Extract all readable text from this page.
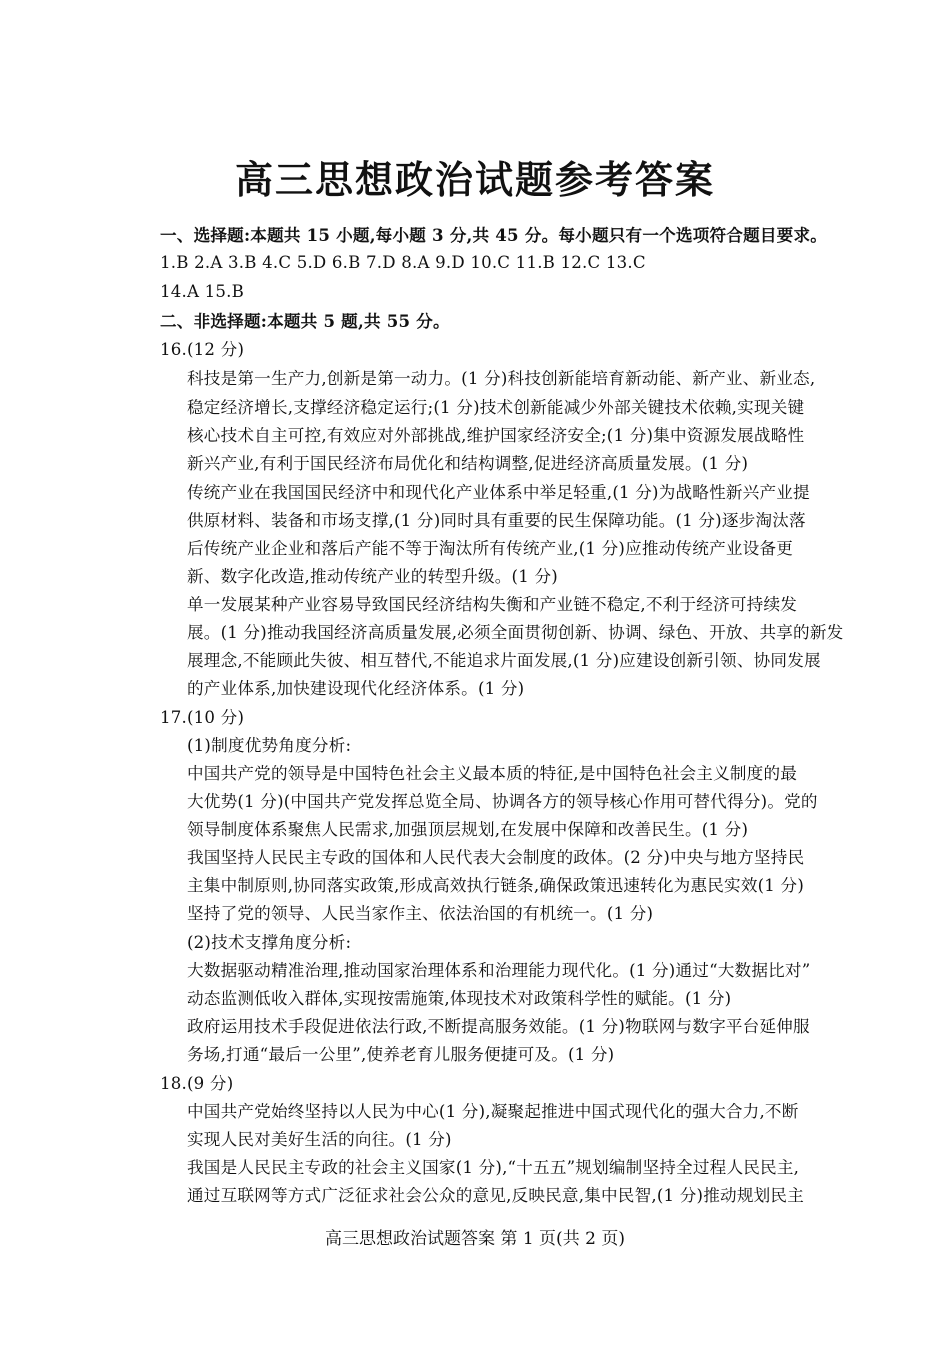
高三思想政治试题参考答案
一、选择题:本题共 15 小题,每小题 3 分,共 45 分。每小题只有一个选项符合题目要求。
1.B 2.A 3.B 4.C 5.D 6.B 7.D 8.A 9.D 10.C 11.B 12.C 13.C
14.A 15.B
二、非选择题:本题共 5 题,共 55 分。
16.(12 分)
科技是第一生产力,创新是第一动力。(1 分)科技创新能培育新动能、新产业、新业态,
稳定经济增长,支撑经济稳定运行;(1 分)技术创新能减少外部关键技术依赖,实现关键
核心技术自主可控,有效应对外部挑战,维护国家经济安全;(1 分)集中资源发展战略性
新兴产业,有利于国民经济布局优化和结构调整,促进经济高质量发展。(1 分)
传统产业在我国国民经济中和现代化产业体系中举足轻重,(1 分)为战略性新兴产业提
供原材料、装备和市场支撑,(1 分)同时具有重要的民生保障功能。(1 分)逐步淘汰落
后传统产业企业和落后产能不等于淘汰所有传统产业,(1 分)应推动传统产业设备更
新、数字化改造,推动传统产业的转型升级。(1 分)
单一发展某种产业容易导致国民经济结构失衡和产业链不稳定,不利于经济可持续发
展。(1 分)推动我国经济高质量发展,必须全面贯彻创新、协调、绿色、开放、共享的新发
展理念,不能顾此失彼、相互替代,不能追求片面发展,(1 分)应建设创新引领、协同发展
的产业体系,加快建设现代化经济体系。(1 分)
17.(10 分)
(1)制度优势角度分析:
中国共产党的领导是中国特色社会主义最本质的特征,是中国特色社会主义制度的最
大优势(1 分)(中国共产党发挥总览全局、协调各方的领导核心作用可替代得分)。党的
领导制度体系聚焦人民需求,加强顶层规划,在发展中保障和改善民生。(1 分)
我国坚持人民民主专政的国体和人民代表大会制度的政体。(2 分)中央与地方坚持民
主集中制原则,协同落实政策,形成高效执行链条,确保政策迅速转化为惠民实效(1 分)
坚持了党的领导、人民当家作主、依法治国的有机统一。(1 分)
(2)技术支撑角度分析:
大数据驱动精准治理,推动国家治理体系和治理能力现代化。(1 分)通过“大数据比对”
动态监测低收入群体,实现按需施策,体现技术对政策科学性的赋能。(1 分)
政府运用技术手段促进依法行政,不断提高服务效能。(1 分)物联网与数字平台延伸服
务场,打通“最后一公里”,使养老育儿服务便捷可及。(1 分)
18.(9 分)
中国共产党始终坚持以人民为中心(1 分),凝聚起推进中国式现代化的强大合力,不断
实现人民对美好生活的向往。(1 分)
我国是人民民主专政的社会主义国家(1 分),“十五五”规划编制坚持全过程人民民主,
通过互联网等方式广泛征求社会公众的意见,反映民意,集中民智,(1 分)推动规划民主
高三思想政治试题答案 第 1 页(共 2 页)
